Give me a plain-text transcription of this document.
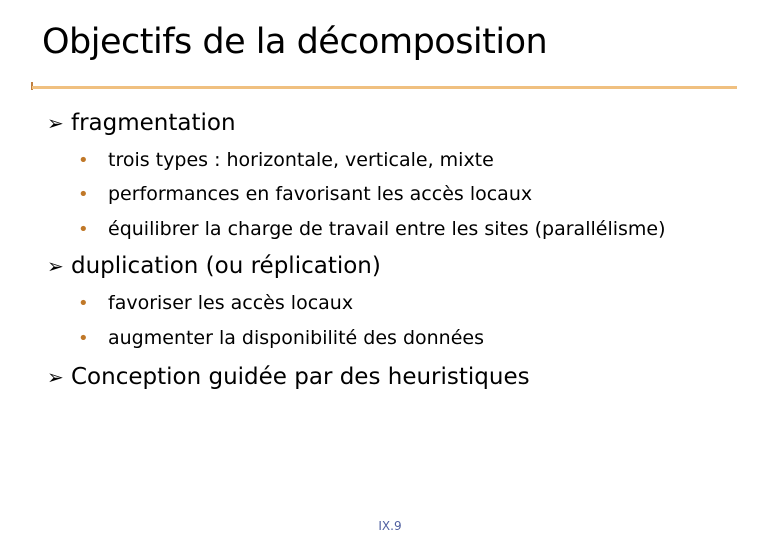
Objectifs de la décomposition
➢ fragmentation
•	trois types : horizontale, verticale, mixte
•	performances en favorisant les accès locaux
•	équilibrer la charge de travail entre les sites (parallélisme)
➢ duplication (ou réplication)
•	favoriser les accès locaux
•	augmenter la disponibilité des données
➢ Conception guidée par des heuristiques
IX.9
